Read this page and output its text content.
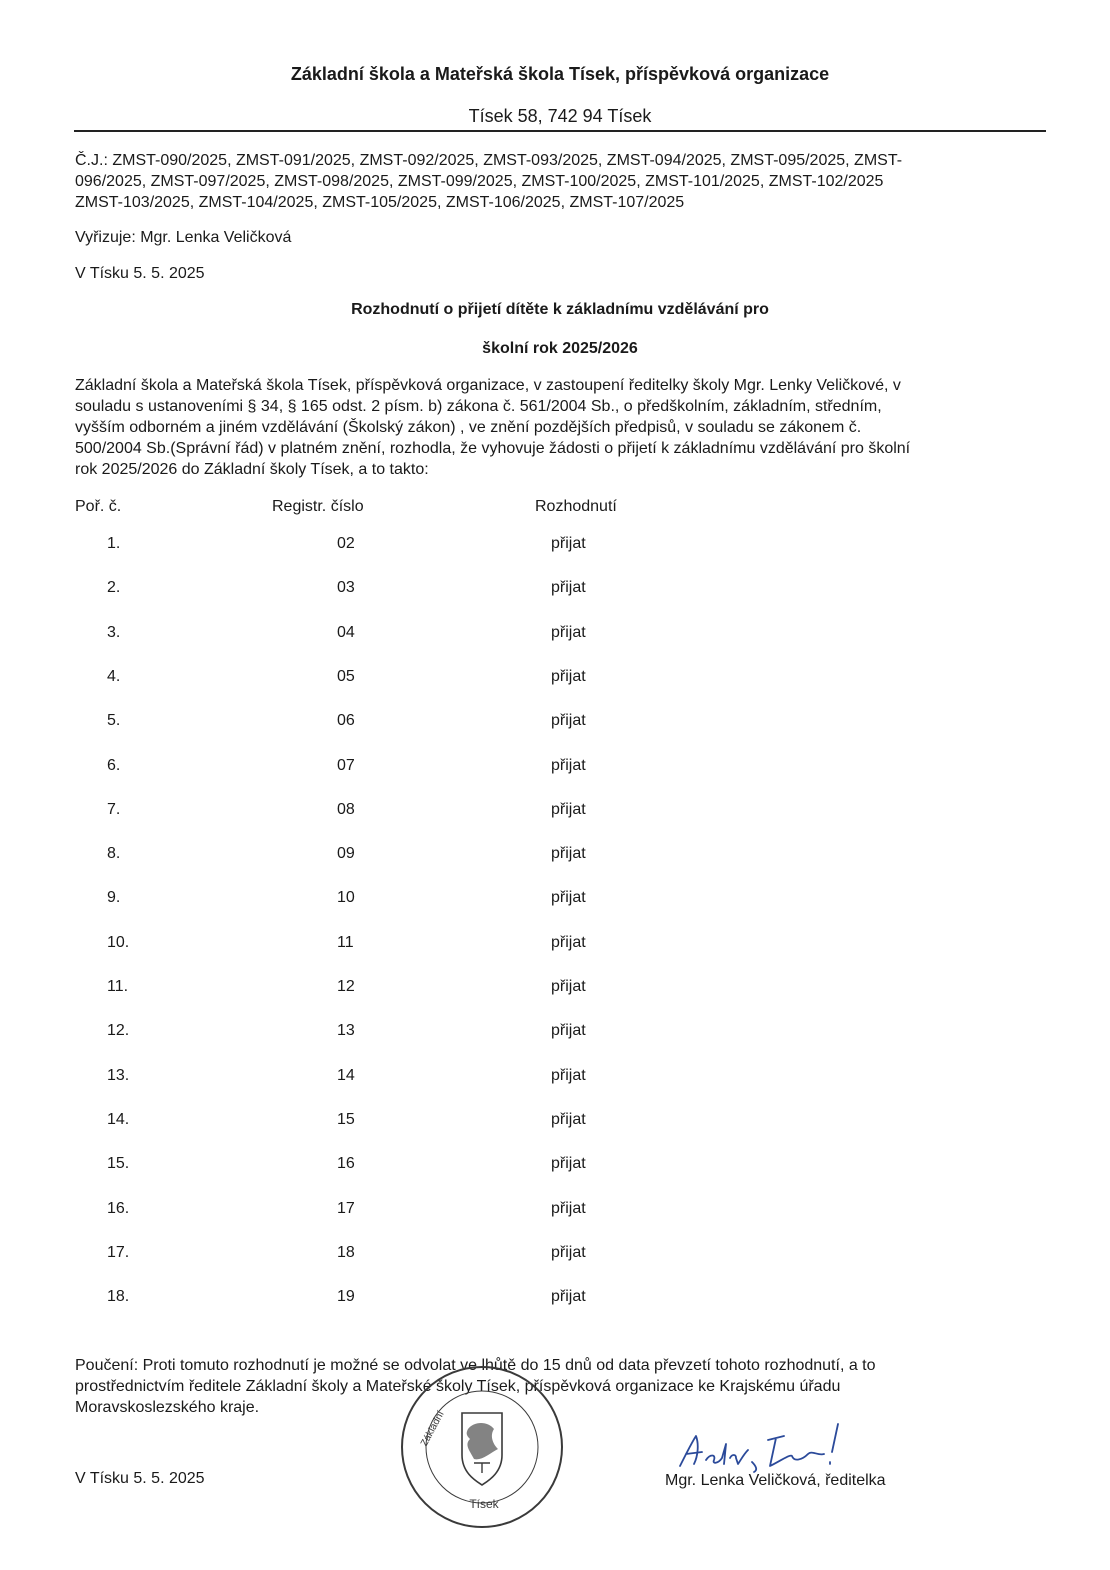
Základní škola a Mateřská škola Tísek, příspěvková organizace
Tísek 58, 742 94 Tísek
Č.J.: ZMST-090/2025, ZMST-091/2025, ZMST-092/2025, ZMST-093/2025, ZMST-094/2025, ZMST-095/2025, ZMST-
096/2025, ZMST-097/2025, ZMST-098/2025, ZMST-099/2025, ZMST-100/2025, ZMST-101/2025, ZMST-102/2025
ZMST-103/2025, ZMST-104/2025, ZMST-105/2025, ZMST-106/2025, ZMST-107/2025
Vyřizuje: Mgr. Lenka Veličková
V Tísku 5. 5. 2025
Rozhodnutí o přijetí dítěte k základnímu vzdělávání pro
školní rok 2025/2026
Základní škola a Mateřská škola Tísek, příspěvková organizace, v zastoupení ředitelky školy Mgr. Lenky Veličkové, v
souladu s ustanoveními § 34, § 165 odst. 2 písm. b) zákona č. 561/2004 Sb., o předškolním, základním, středním,
vyšším odborném a jiném vzdělávání (Školský zákon) , ve znění pozdějších předpisů, v souladu se zákonem č.
500/2004 Sb.(Správní řád) v platném znění, rozhodla, že vyhovuje žádosti o přijetí k základnímu vzdělávání pro školní
rok 2025/2026 do Základní školy Tísek, a to takto:
Poř. č.	Registr. číslo	Rozhodnutí
1.	02	přijat
2.	03	přijat
3.	04	přijat
4.	05	přijat
5.	06	přijat
6.	07	přijat
7.	08	přijat
8.	09	přijat
9.	10	přijat
10.	11	přijat
11.	12	přijat
12.	13	přijat
13.	14	přijat
14.	15	přijat
15.	16	přijat
16.	17	přijat
17.	18	přijat
18.	19	přijat
Poučení: Proti tomuto rozhodnutí je možné se odvolat ve lhůtě do 15 dnů od data převzetí tohoto rozhodnutí, a to
prostřednictvím ředitele Základní školy a Mateřské školy Tísek, příspěvková organizace ke Krajskému úřadu
Moravskoslezského kraje.
V Tísku 5. 5. 2025
Základní
Tísek
Mgr. Lenka Veličková, ředitelka
